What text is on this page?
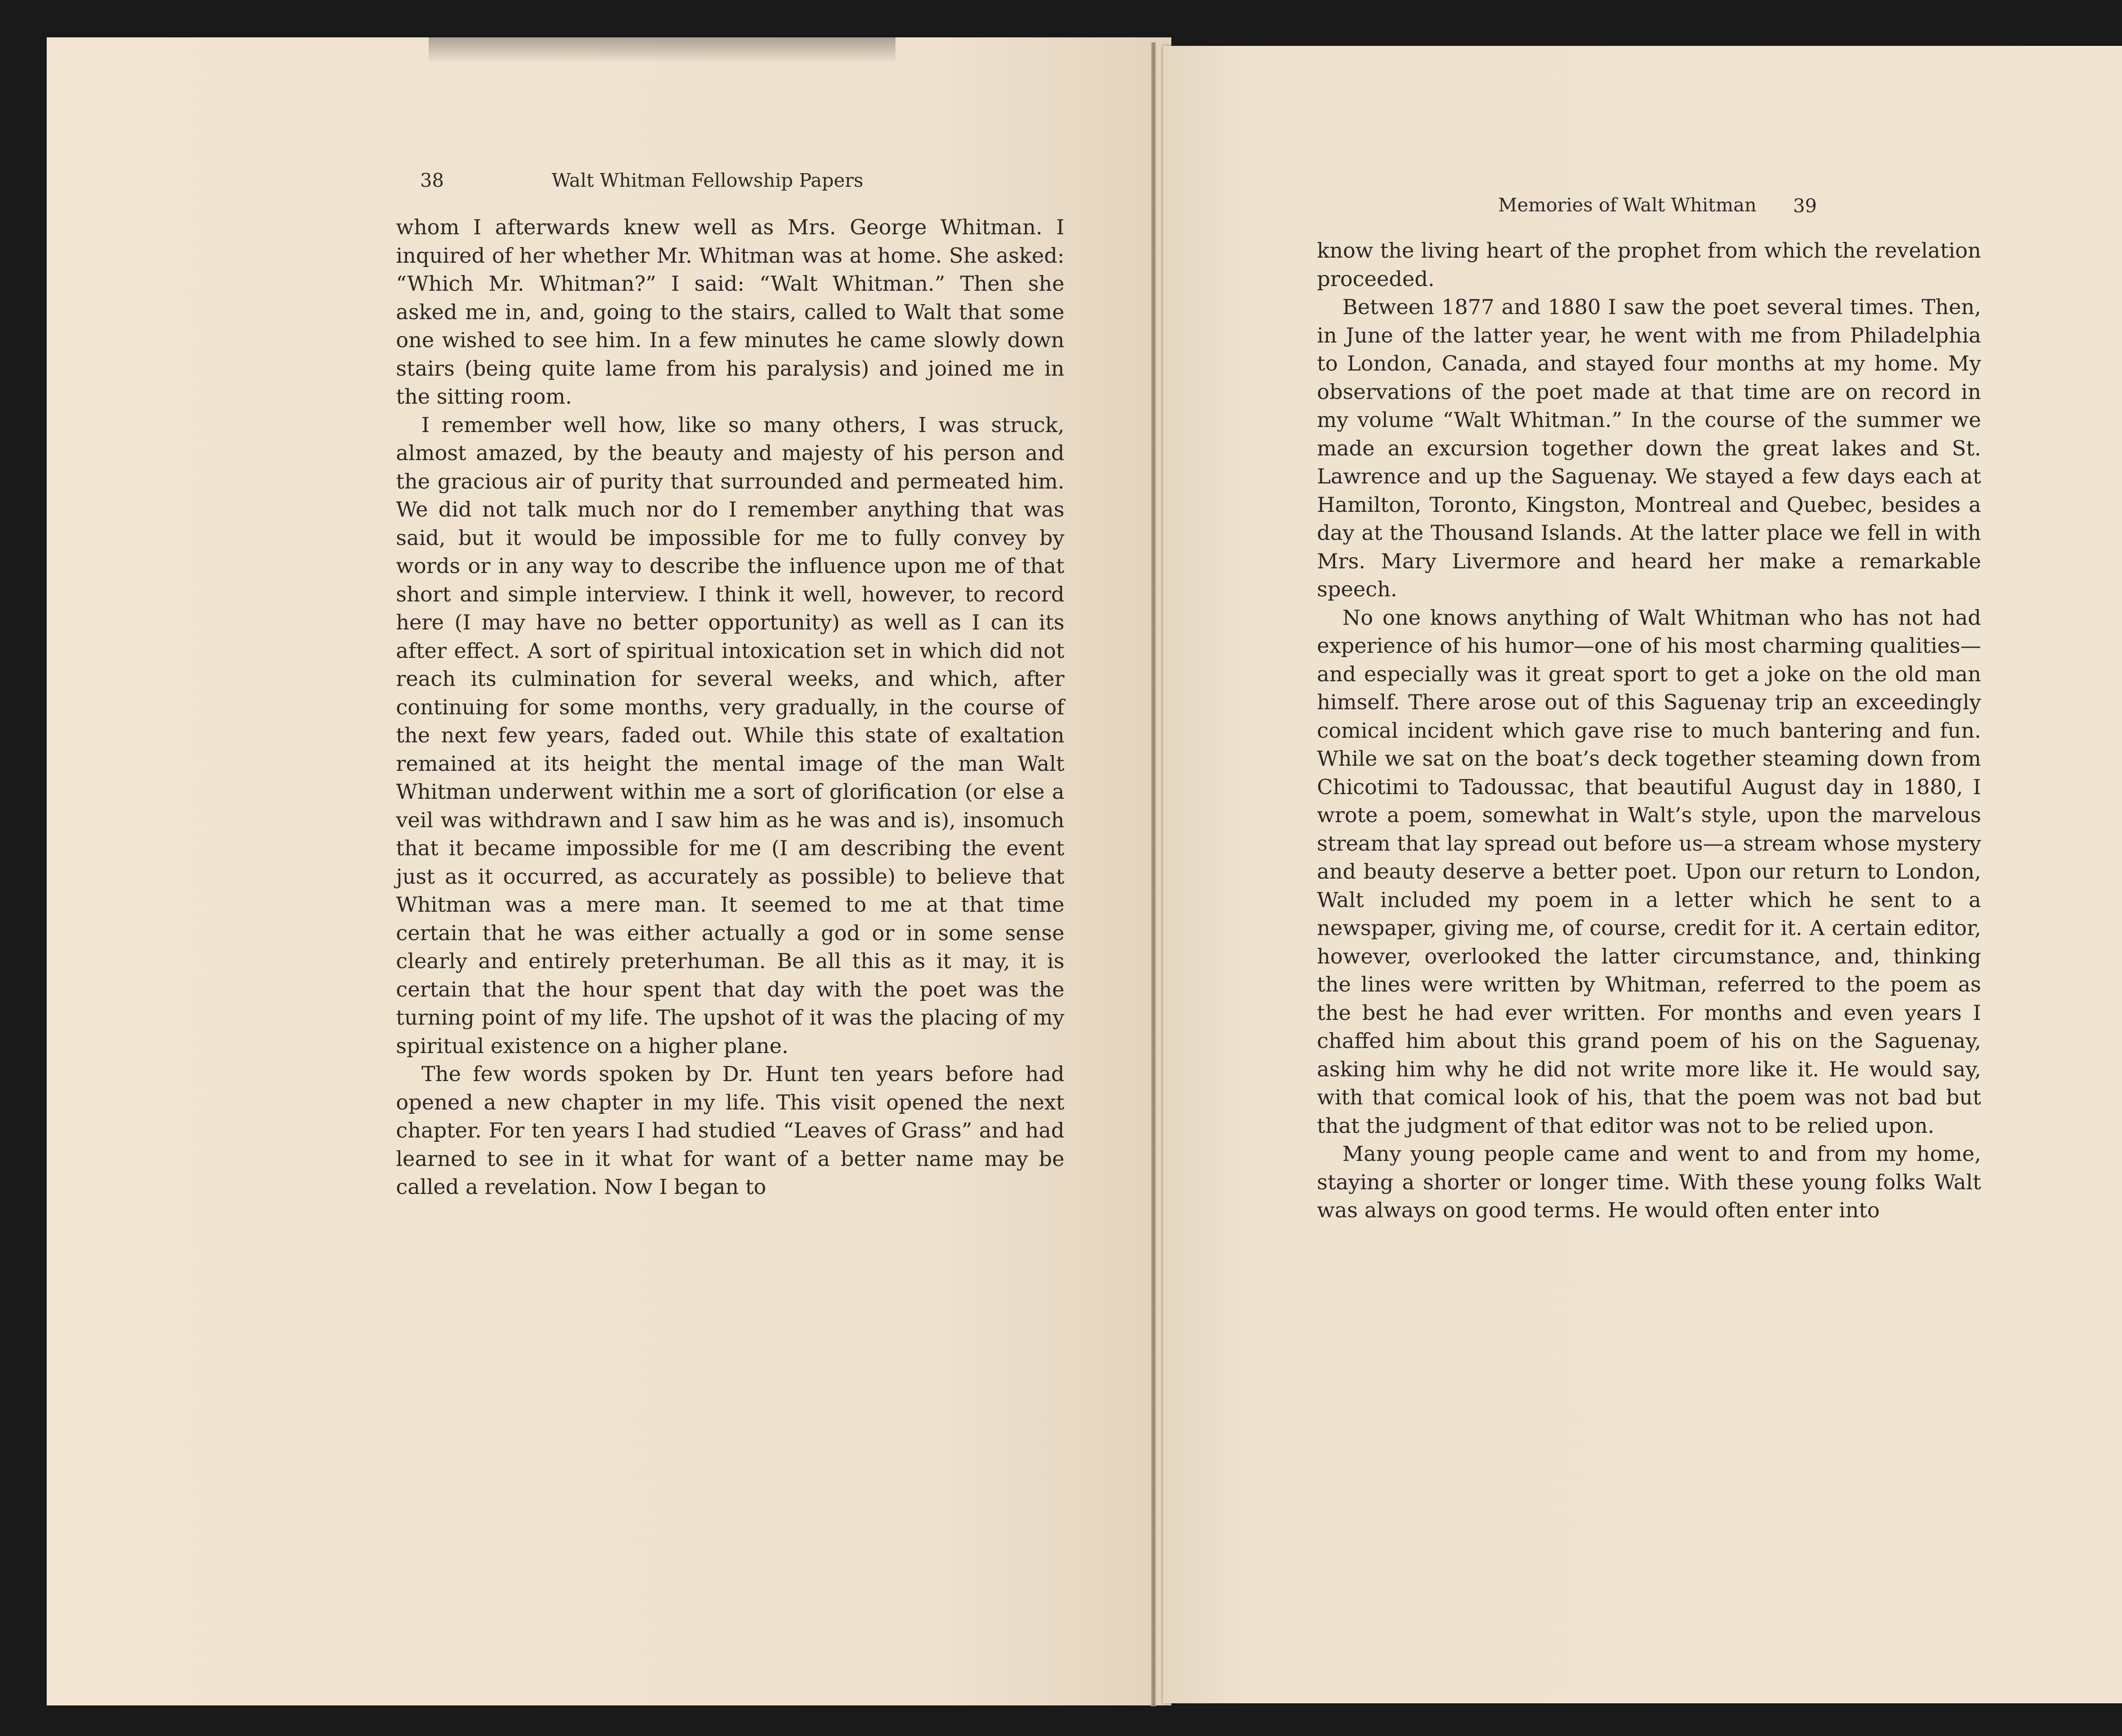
38	Walt Whitman Fellowship Papers

whom I afterwards knew well as Mrs. George Whitman. I inquired of her whether Mr. Whitman was at home. She asked: “Which Mr. Whitman?” I said: “Walt Whitman.” Then she asked me in, and, going to the stairs, called to Walt that some one wished to see him. In a few minutes he came slowly down stairs (being quite lame from his paralysis) and joined me in the sitting room.

I remember well how, like so many others, I was struck, almost amazed, by the beauty and majesty of his person and the gracious air of purity that surrounded and permeated him. We did not talk much nor do I remember anything that was said, but it would be impossible for me to fully convey by words or in any way to describe the influence upon me of that short and simple interview. I think it well, however, to record here (I may have no better opportunity) as well as I can its after effect. A sort of spiritual intoxication set in which did not reach its culmination for several weeks, and which, after continuing for some months, very gradually, in the course of the next few years, faded out. While this state of exaltation remained at its height the mental image of the man Walt Whitman underwent within me a sort of glorification (or else a veil was withdrawn and I saw him as he was and is), insomuch that it became impossible for me (I am describing the event just as it occurred, as accurately as possible) to believe that Whitman was a mere man. It seemed to me at that time certain that he was either actually a god or in some sense clearly and entirely preterhuman. Be all this as it may, it is certain that the hour spent that day with the poet was the turning point of my life. The upshot of it was the placing of my spiritual existence on a higher plane.

The few words spoken by Dr. Hunt ten years before had opened a new chapter in my life. This visit opened the next chapter. For ten years I had studied “Leaves of Grass” and had learned to see in it what for want of a better name may be called a revelation. Now I began to

Memories of Walt Whitman 39

know the living heart of the prophet from which the revelation proceeded.

Between 1877 and 1880 I saw the poet several times. Then, in June of the latter year, he went with me from Philadelphia to London, Canada, and stayed four months at my home. My observations of the poet made at that time are on record in my volume “Walt Whitman.” In the course of the summer we made an excursion together down the great lakes and St. Lawrence and up the Saguenay. We stayed a few days each at Hamilton, Toronto, Kingston, Montreal and Quebec, besides a day at the Thousand Islands. At the latter place we fell in with Mrs. Mary Livermore and heard her make a remarkable speech.

No one knows anything of Walt Whitman who has not had experience of his humor—one of his most charming qualities—and especially was it great sport to get a joke on the old man himself. There arose out of this Saguenay trip an exceedingly comical incident which gave rise to much bantering and fun. While we sat on the boat’s deck together steaming down from Chicotimi to Tadoussac, that beautiful August day in 1880, I wrote a poem, somewhat in Walt’s style, upon the marvelous stream that lay spread out before us—a stream whose mystery and beauty deserve a better poet. Upon our return to London, Walt included my poem in a letter which he sent to a newspaper, giving me, of course, credit for it. A certain editor, however, overlooked the latter circumstance, and, thinking the lines were written by Whitman, referred to the poem as the best he had ever written. For months and even years I chaffed him about this grand poem of his on the Saguenay, asking him why he did not write more like it. He would say, with that comical look of his, that the poem was not bad but that the judgment of that editor was not to be relied upon.

Many young people came and went to and from my home, staying a shorter or longer time. With these young folks Walt was always on good terms. He would often enter into
